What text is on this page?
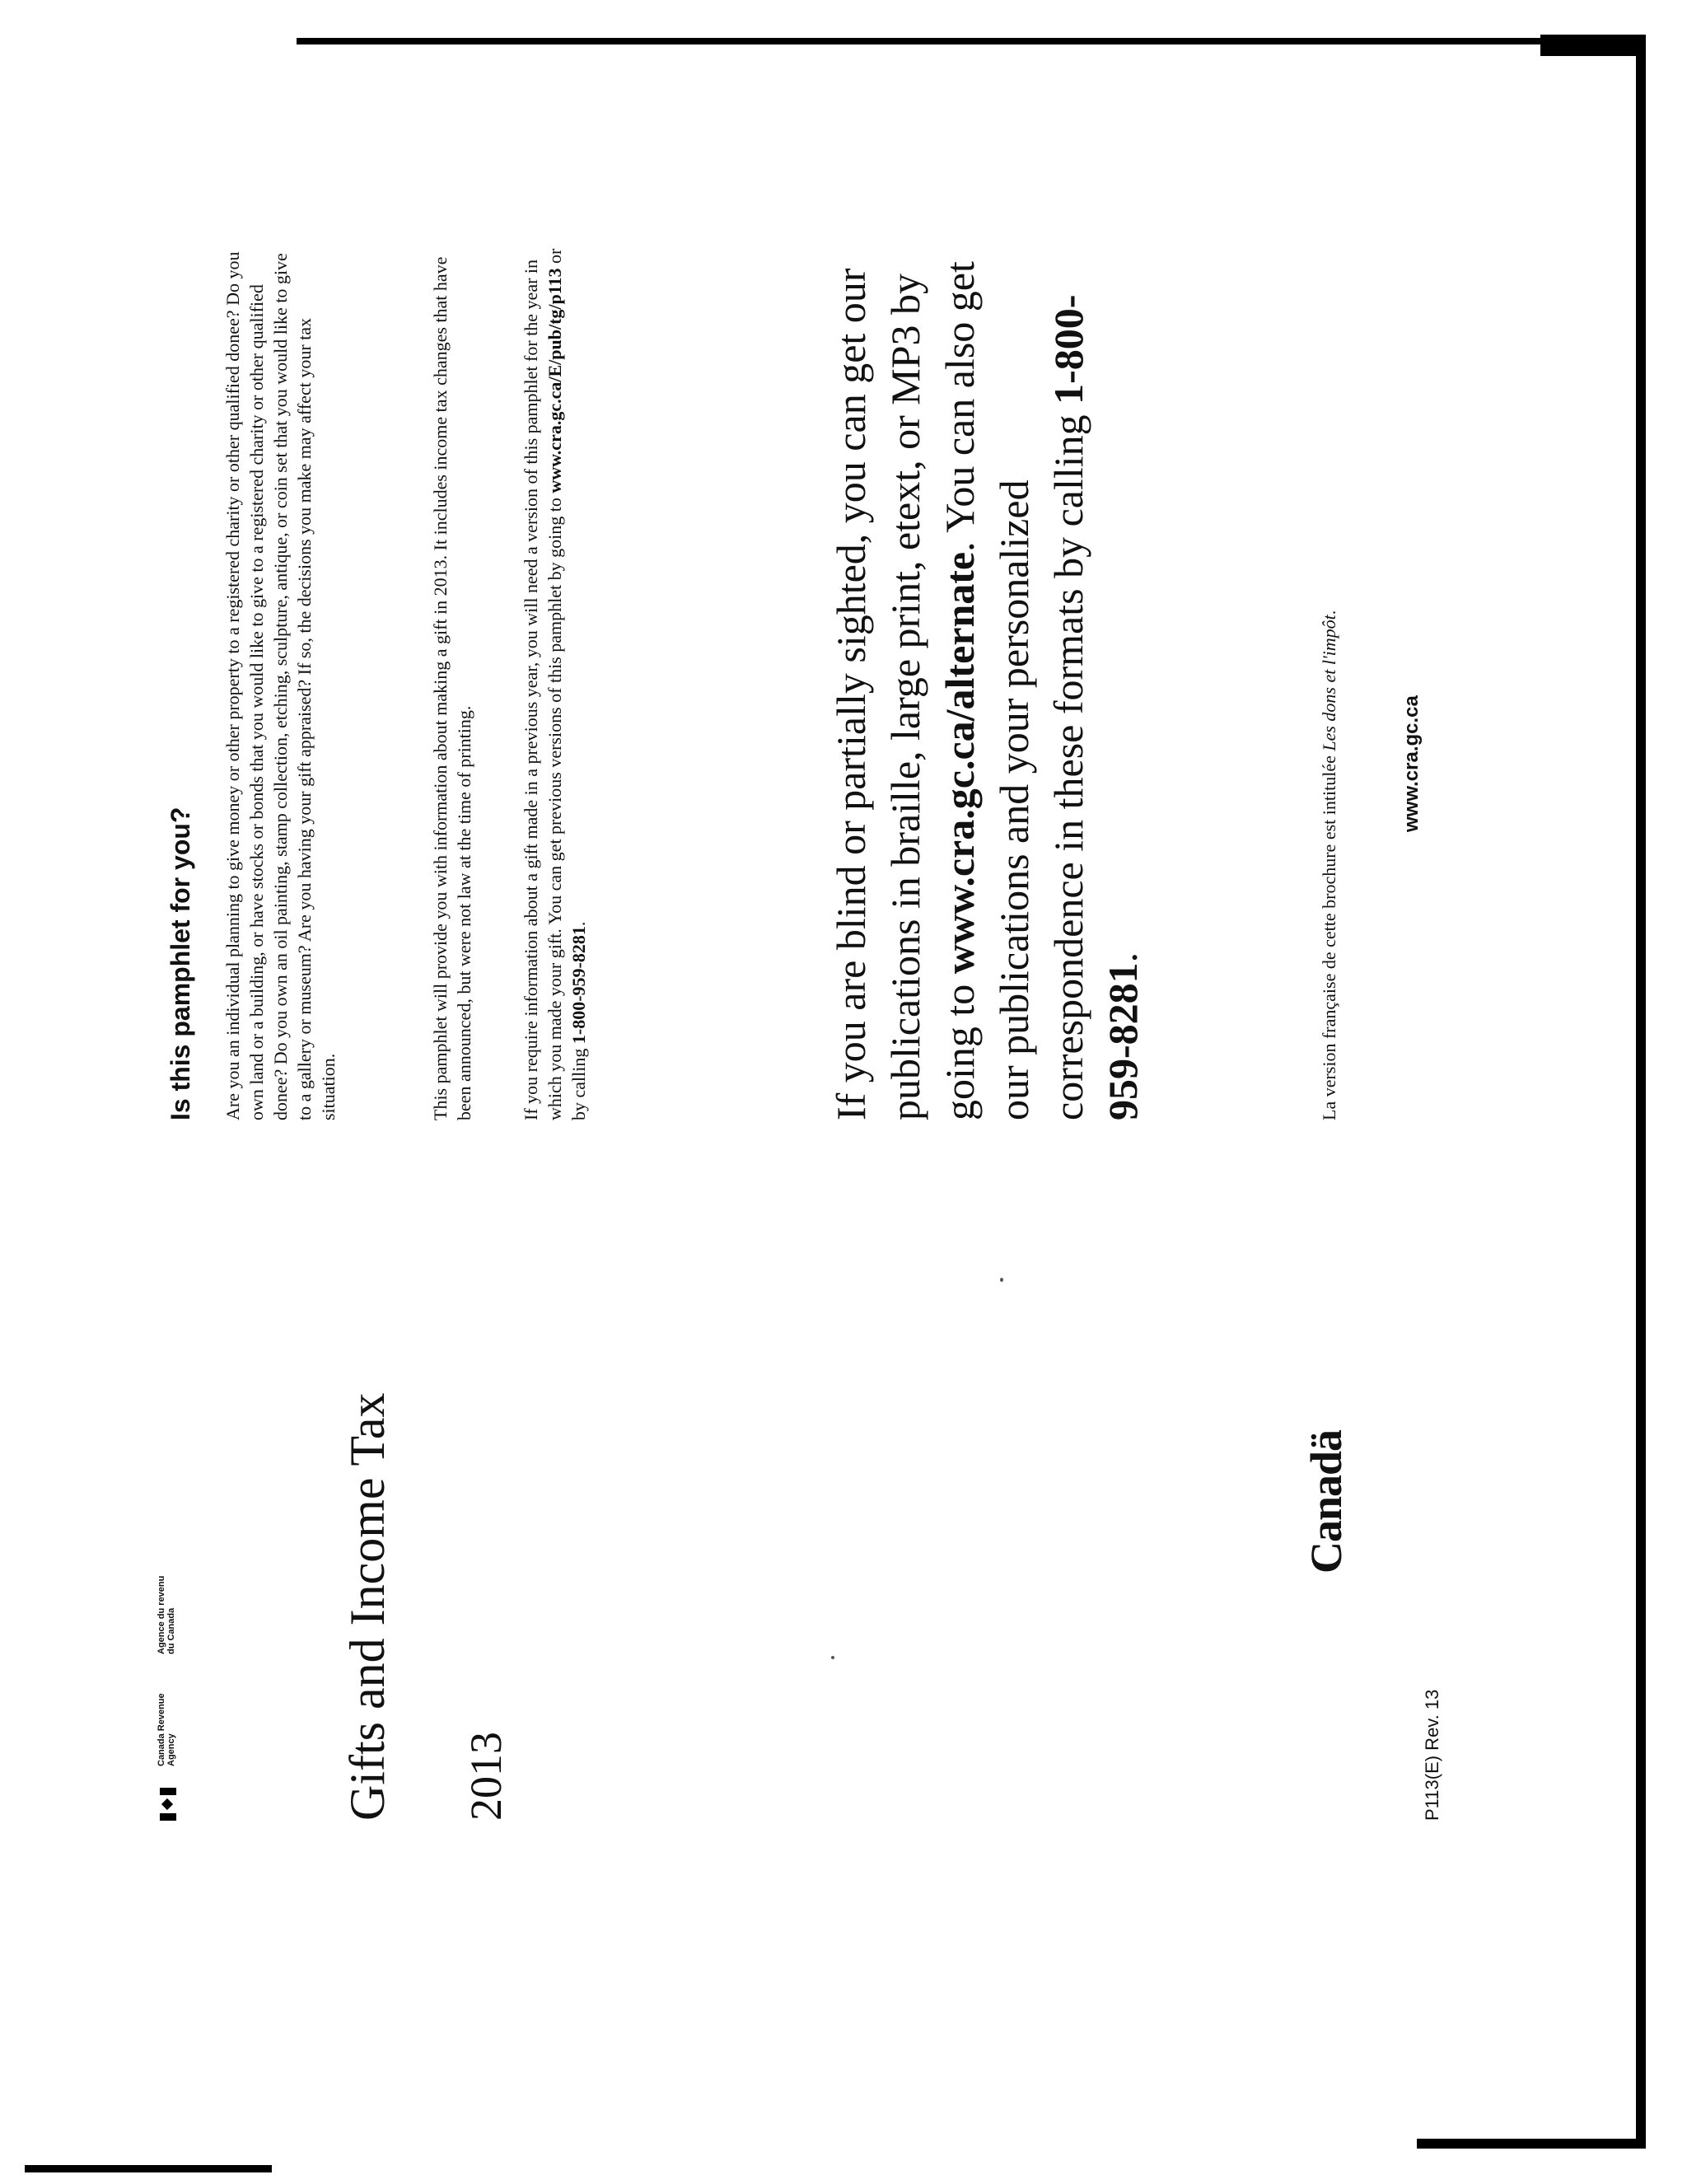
Canada Revenue Agency
Agence du revenu du Canada	Gifts and Income Tax 2013	P113(E) Rev. 13
Is this pamphlet for you? Are you an individual planning to give money or other property to a registered charity or other qualified donee? Do you own land or a building, or have stocks or bonds that you would like to give to a registered charity or other qualified donee? Do you own an oil painting, stamp collection, etching, sculpture, antique, or coin set that you would like to give to a gallery or museum? Are you having your gift appraised? If so, the decisions you make may affect your tax situation.	This pamphlet will provide you with information about making a gift in 2013. It includes income tax changes that have been announced, but were not law at the time of printing.	If you require information about a gift made in a previous year, you will need a version of this pamphlet for the year in which you made your gift. You can get previous versions of this pamphlet by going to www.cra.gc.ca/E/pub/tg/p113 or by calling 1-800-959-8281.	If you are blind or partially sighted, you can get our publications in braille, large print, etext, or MP3 by going to www.cra.gc.ca/alternate. You can also get our publications and your personalized correspondence in these formats by calling 1-800-959-8281.

Canadä
La version française de cette brochure est intitulée Les dons et l'impôt.
www.cra.gc.ca
